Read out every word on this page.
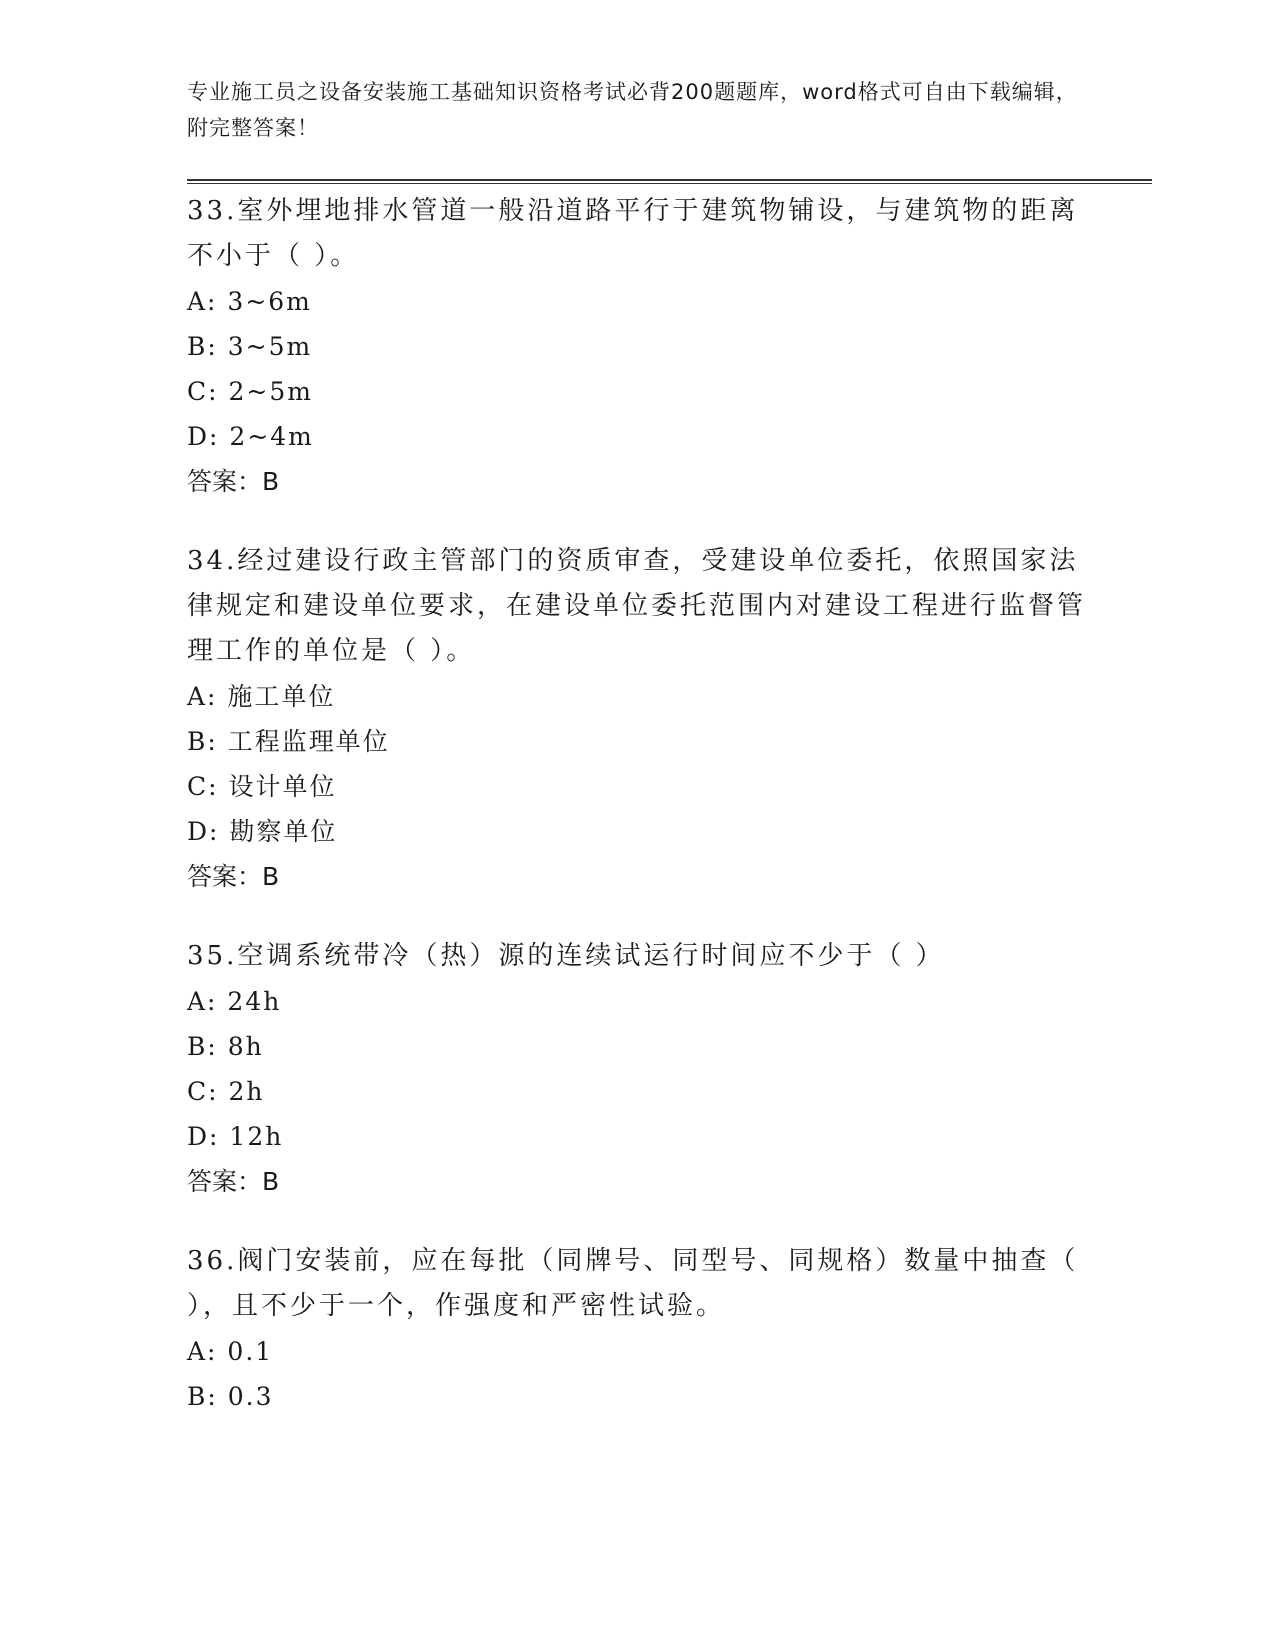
专业施工员之设备安装施工基础知识资格考试必背200题题库，word格式可自由下载编辑，附完整答案！

33.室外埋地排水管道一般沿道路平行于建筑物铺设，与建筑物的距离不小于（ ）。

A: 3~6m

B: 3~5m

C: 2~5m

D: 2~4m

答案：B

34.经过建设行政主管部门的资质审查，受建设单位委托，依照国家法律规定和建设单位要求，在建设单位委托范围内对建设工程进行监督管理工作的单位是（ ）。

A: 施工单位

B: 工程监理单位

C: 设计单位

D: 勘察单位

答案：B

35.空调系统带冷（热）源的连续试运行时间应不少于（ ）

A: 24h

B: 8h

C: 2h

D: 12h

答案：B

36.阀门安装前，应在每批（同牌号、同型号、同规格）数量中抽查（ ），且不少于一个，作强度和严密性试验。

A: 0.1

B: 0.3
